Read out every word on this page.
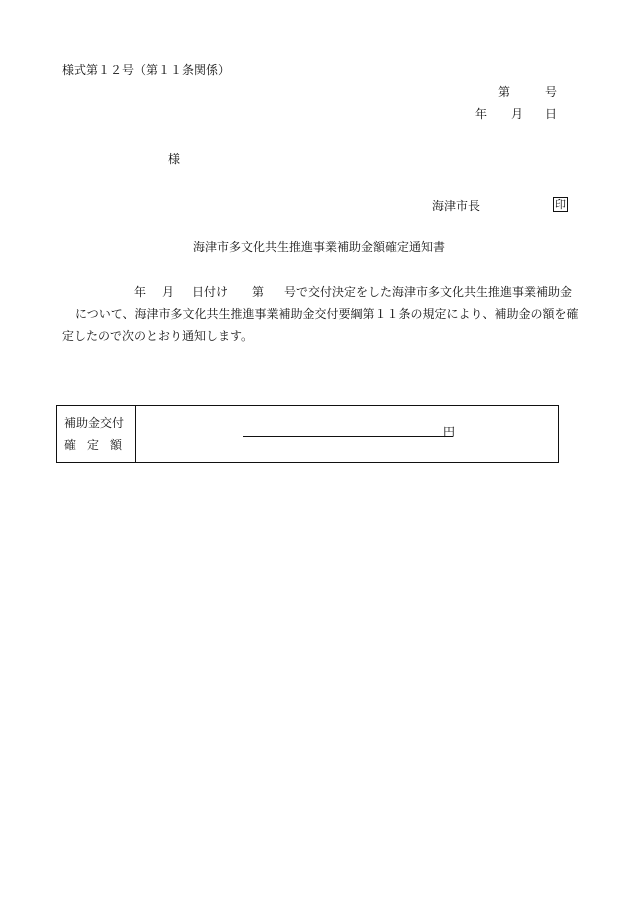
様式第１２号（第１１条関係）
第	号
年 月 日
様
海津市長	印
海津市多文化共生推進事業補助金額確定通知書
年 月 日付け 第 号で交付決定をした海津市多文化共生推進事業補助金
について、海津市多文化共生推進事業補助金交付要綱第１１条の規定により、補助金の額を確
定したので次のとおり通知します。
補助金交付
確 定 額
円
